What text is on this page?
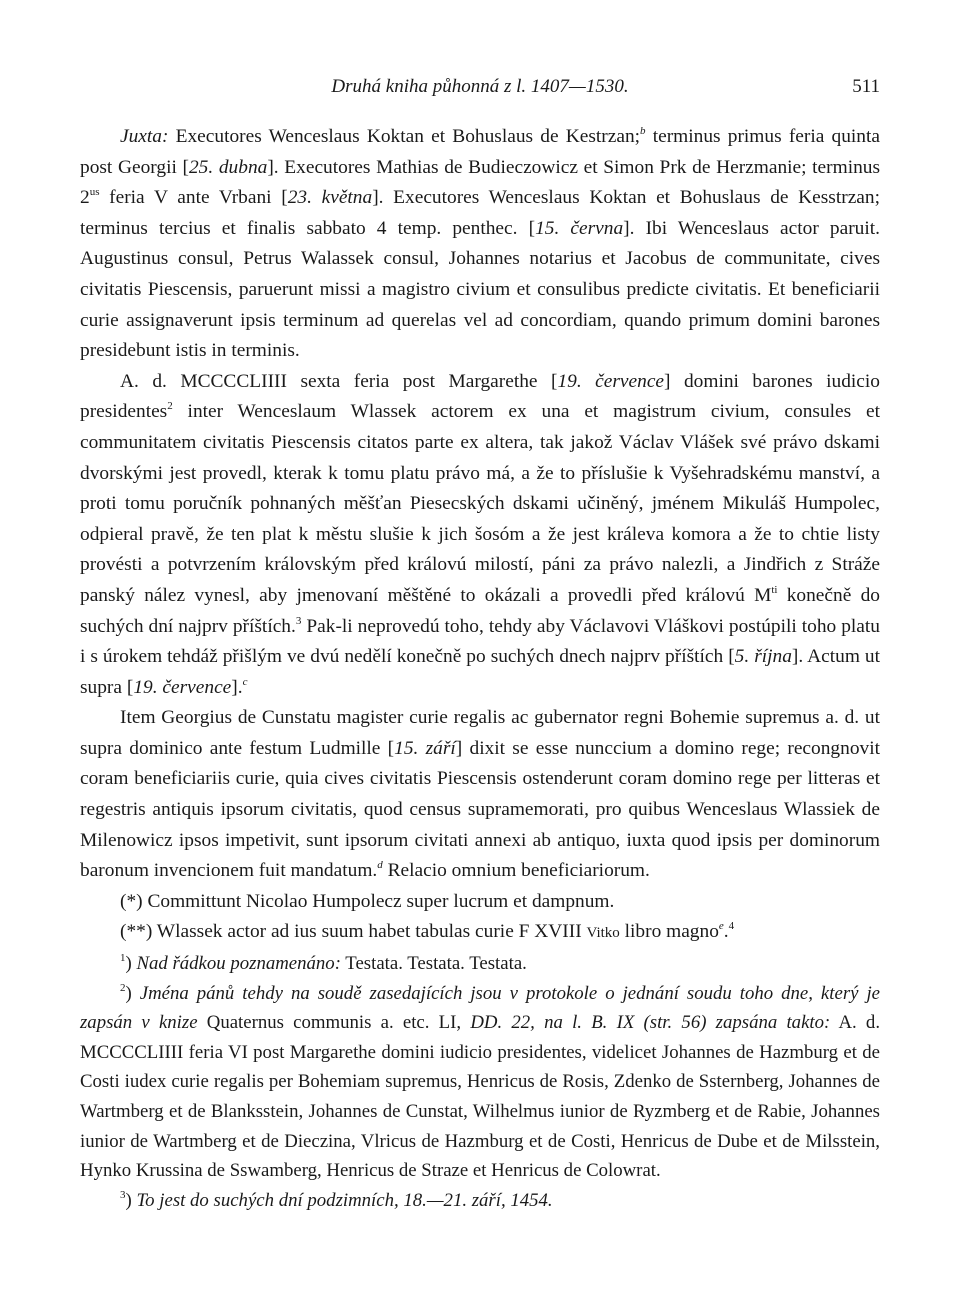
Druhá kniha půhonná z l. 1407—1530.	511

Juxta: Executores Wenceslaus Koktan et Bohuslaus de Kestrzan;$^b$ terminus primus feria quinta post Georgii [25. dubna]. Executores Mathias de Budieczowicz et Simon Prk de Herzmanie; terminus $2^{us}$ feria V ante Vrbani [23. května]. Executores Wenceslaus Koktan et Bohuslaus de Kesstrzan; terminus tercius et finalis sabbato 4 temp. penthec. [15. června]. Ibi Wenceslaus actor paruit. Augustinus consul, Petrus Walassek consul, Johannes notarius et Jacobus de communitate, cives civitatis Piescensis, paruerunt missi a magistro civium et consulibus predicte civitatis. Et beneficiarii curie assignaverunt ipsis terminum ad querelas vel ad concordiam, quando primum domini barones presidebunt istis in terminis.

A. d. MCCCCLIIII sexta feria post Margarethe [19. července] domini barones iudicio presidentes$^2$ inter Wenceslaum Wlassek actorem ex una et magistrum civium, consules et communitatem civitatis Piescensis citatos parte ex altera, tak jakož Václav Vlášek své právo dskami dvorskými jest provedl, kterak k tomu platu právo má, a že to příslušie k Vyšehradskému manství, a proti tomu poručník pohnaných měšťan Piesecských dskami učiněný, jménem Mikuláš Humpolec, odpieral pravě, že ten plat k městu slušie k jich šosóm a že jest králeva komora a že to chtie listy provésti a potvrzením královským před královú milostí, páni za právo nalezli, a Jindřich z Stráže panský nález vynesl, aby jmenovaní měštěné to okázali a provedli před královú $M^{ti}$ konečně do suchých dní najprv příštích.$^3$ Pak-li neprovedú toho, tehdy aby Václavovi Vláškovi postúpili toho platu i s úrokem tehdáž přišlým ve dvú nedělí konečně po suchých dnech najprv příštích [5. října]. Actum ut supra [19. července].$^c$

Item Georgius de Cunstatu magister curie regalis ac gubernator regni Bohemie supremus a. d. ut supra dominico ante festum Ludmille [15. září] dixit se esse nunccium a domino rege; recongnovit coram beneficiariis curie, quia cives civitatis Piescensis ostenderunt coram domino rege per litteras et regestris antiquis ipsorum civitatis, quod census supramemorati, pro quibus Wenceslaus Wlassiek de Milenowicz ipsos impetivit, sunt ipsorum civitati annexi ab antiquo, iuxta quod ipsis per dominorum baronum invencionem fuit mandatum.$^d$ Relacio omnium beneficiariorum.

(*) Committunt Nicolao Humpolecz super lucrum et dampnum.

(**) Wlassek actor ad ius suum habet tabulas curie F XVIII Vitko libro magno$^e$.$^4$

$^1$) Nad řádkou poznamenáno: Testata. Testata. Testata.

$^2$) Jména pánů tehdy na soudě zasedajících jsou v protokole o jednání soudu toho dne, který je zapsán v knize Quaternus communis a. etc. LI, DD. 22, na l. B. IX (str. 56) zapsána takto: A. d. MCCCCLIIII feria VI post Margarethe domini iudicio presidentes, videlicet Johannes de Hazmburg et de Costi iudex curie regalis per Bohemiam supremus, Henricus de Rosis, Zdenko de Ssternberg, Johannes de Wartmberg et de Blanksstein, Johannes de Cunstat, Wilhelmus iunior de Ryzmberg et de Rabie, Johannes iunior de Wartmberg et de Dieczina, Vlricus de Hazmburg et de Costi, Henricus de Dube et de Milsstein, Hynko Krussina de Sswamberg, Henricus de Straze et Henricus de Colowrat.

$^3$) To jest do suchých dní podzimních, 18.—21. září, 1454.
